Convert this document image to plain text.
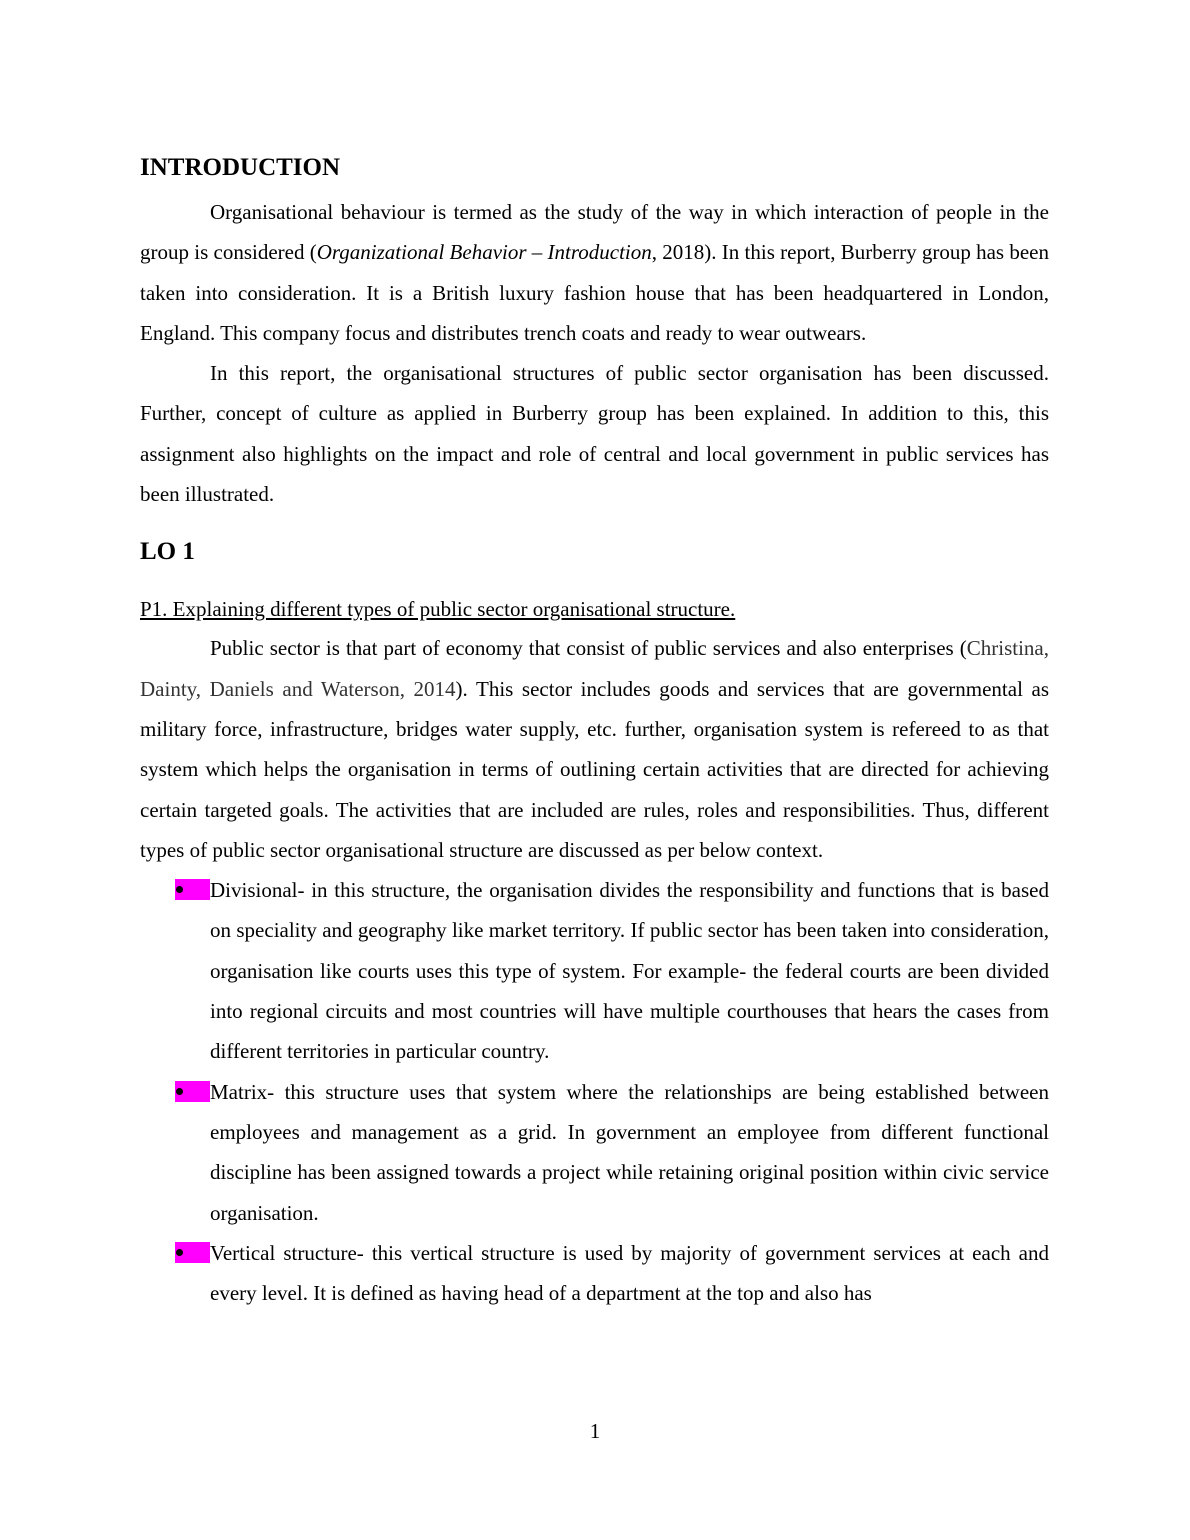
INTRODUCTION

Organisational behaviour is termed as the study of the way in which interaction of people in the group is considered (Organizational Behavior – Introduction, 2018). In this report, Burberry group has been taken into consideration. It is a British luxury fashion house that has been headquartered in London, England. This company focus and distributes trench coats and ready to wear outwears.

In this report, the organisational structures of public sector organisation has been discussed. Further, concept of culture as applied in Burberry group has been explained. In addition to this, this assignment also highlights on the impact and role of central and local government in public services has been illustrated.

LO 1
P1. Explaining different types of public sector organisational structure.

Public sector is that part of economy that consist of public services and also enterprises (Christina, Dainty, Daniels and Waterson, 2014). This sector includes goods and services that are governmental as military force, infrastructure, bridges water supply, etc. further, organisation system is refereed to as that system which helps the organisation in terms of outlining certain activities that are directed for achieving certain targeted goals. The activities that are included are rules, roles and responsibilities. Thus, different types of public sector organisational structure are discussed as per below context.

Divisional- in this structure, the organisation divides the responsibility and functions that is based on speciality and geography like market territory. If public sector has been taken into consideration, organisation like courts uses this type of system. For example- the federal courts are been divided into regional circuits and most countries will have multiple courthouses that hears the cases from different territories in particular country.
Matrix- this structure uses that system where the relationships are being established between employees and management as a grid. In government an employee from different functional discipline has been assigned towards a project while retaining original position within civic service organisation.
Vertical structure- this vertical structure is used by majority of government services at each and every level. It is defined as having head of a department at the top and also has
1
